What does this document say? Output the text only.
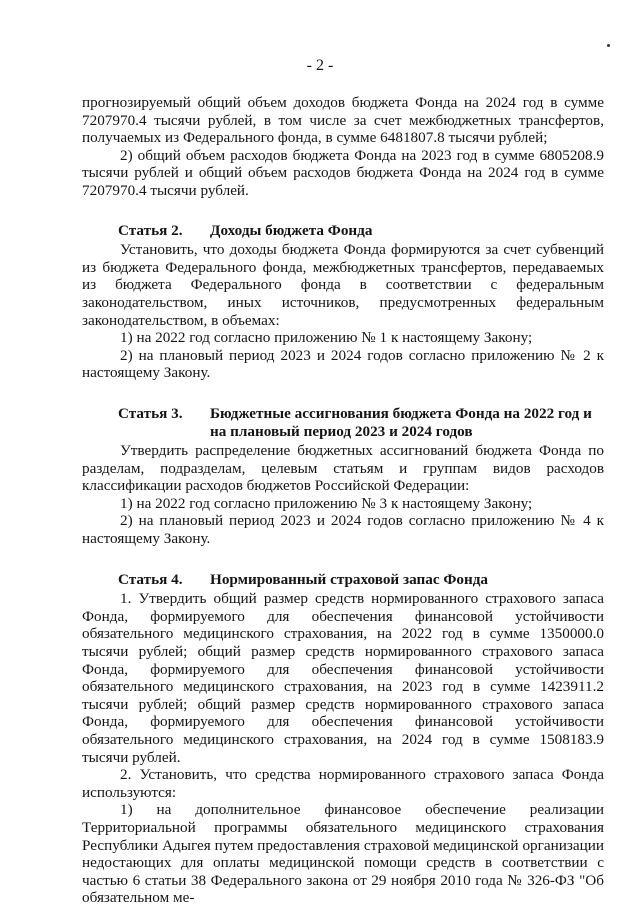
- 2 -

прогнозируемый общий объем доходов бюджета Фонда на 2024 год в сумме 7207970.4 тысячи рублей, в том числе за счет межбюджетных трансфертов, получаемых из Федерального фонда, в сумме 6481807.8 тысячи рублей;

2) общий объем расходов бюджета Фонда на 2023 год в сумме 6805208.9 тысячи рублей и общий объем расходов бюджета Фонда на 2024 год в сумме 7207970.4 тысячи рублей.

Статья 2.	Доходы бюджета Фонда

Установить, что доходы бюджета Фонда формируются за счет субвенций из бюджета Федерального фонда, межбюджетных трансфертов, передаваемых из бюджета Федерального фонда в соответствии с федеральным законодательством, иных источников, предусмотренных федеральным законодательством, в объемах:

1) на 2022 год согласно приложению № 1 к настоящему Закону;

2) на плановый период 2023 и 2024 годов согласно приложению № 2 к настоящему Закону.

Статья 3.	Бюджетные ассигнования бюджета Фонда на 2022 год и на плановый период 2023 и 2024 годов

Утвердить распределение бюджетных ассигнований бюджета Фонда по разделам, подразделам, целевым статьям и группам видов расходов классификации расходов бюджетов Российской Федерации:

1) на 2022 год согласно приложению № 3 к настоящему Закону;

2) на плановый период 2023 и 2024 годов согласно приложению № 4 к настоящему Закону.

Статья 4.	Нормированный страховой запас Фонда

1. Утвердить общий размер средств нормированного страхового запаса Фонда, формируемого для обеспечения финансовой устойчивости обязательного медицинского страхования, на 2022 год в сумме 1350000.0 тысячи рублей; общий размер средств нормированного страхового запаса Фонда, формируемого для обеспечения финансовой устойчивости обязательного медицинского страхования, на 2023 год в сумме 1423911.2 тысячи рублей; общий размер средств нормированного страхового запаса Фонда, формируемого для обеспечения финансовой устойчивости обязательного медицинского страхования, на 2024 год в сумме 1508183.9 тысячи рублей.

2. Установить, что средства нормированного страхового запаса Фонда используются:

1) на дополнительное финансовое обеспечение реализации Территориальной программы обязательного медицинского страхования Республики Адыгея путем предоставления страховой медицинской организации недостающих для оплаты медицинской помощи средств в соответствии с частью 6 статьи 38 Федерального закона от 29 ноября 2010 года № 326-ФЗ "Об обязательном ме-
